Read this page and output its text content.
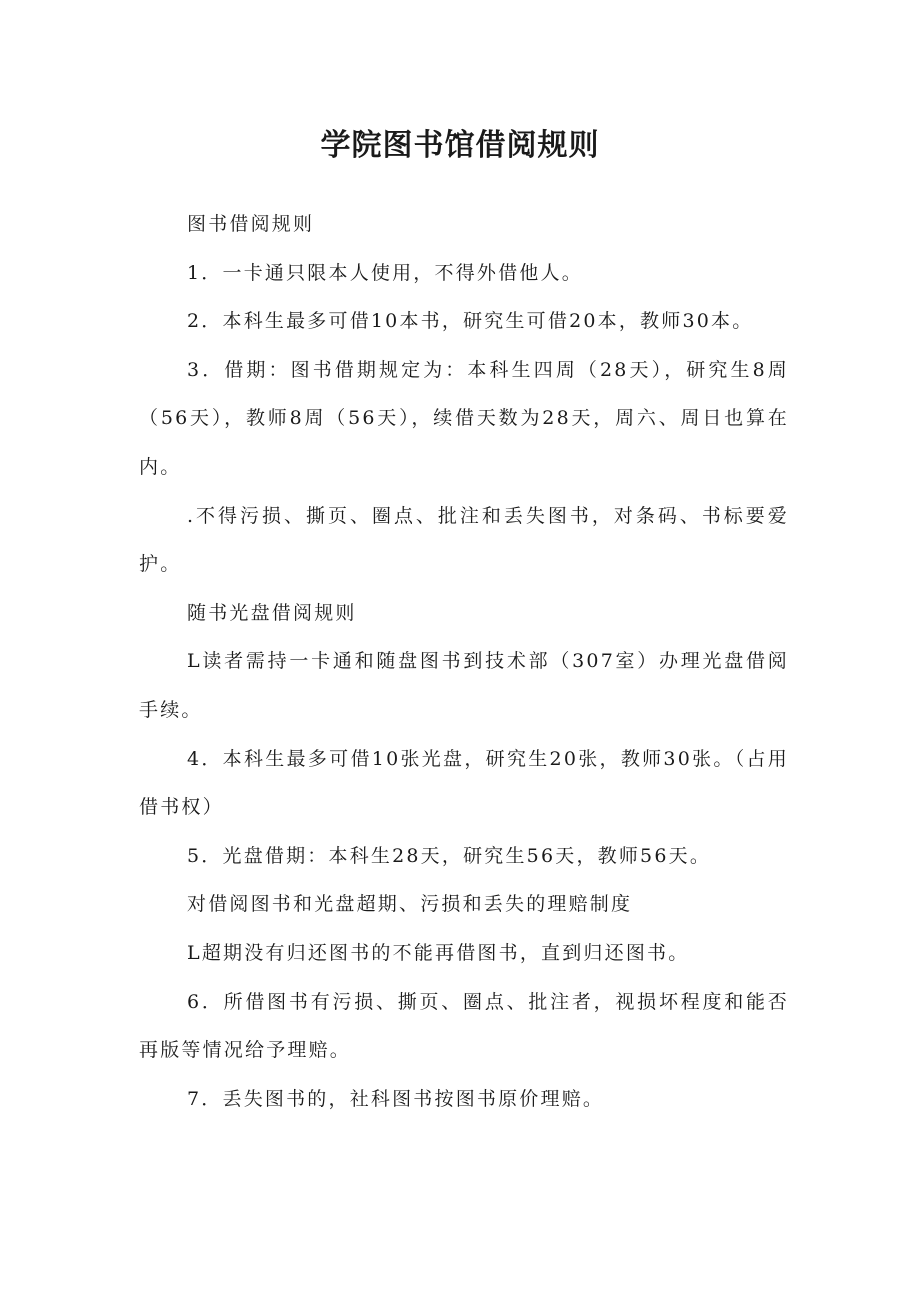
学院图书馆借阅规则

图书借阅规则

1．一卡通只限本人使用，不得外借他人。

2．本科生最多可借10本书，研究生可借20本，教师30本。

3．借期：图书借期规定为：本科生四周（28天），研究生8周（56天），教师8周（56天），续借天数为28天，周六、周日也算在内。

.不得污损、撕页、圈点、批注和丢失图书，对条码、书标要爱护。

随书光盘借阅规则

L读者需持一卡通和随盘图书到技术部（307室）办理光盘借阅手续。

4．本科生最多可借10张光盘，研究生20张，教师30张。（占用借书权）

5．光盘借期：本科生28天，研究生56天，教师56天。

对借阅图书和光盘超期、污损和丢失的理赔制度

L超期没有归还图书的不能再借图书，直到归还图书。

6．所借图书有污损、撕页、圈点、批注者，视损坏程度和能否再版等情况给予理赔。

7．丢失图书的，社科图书按图书原价理赔。
